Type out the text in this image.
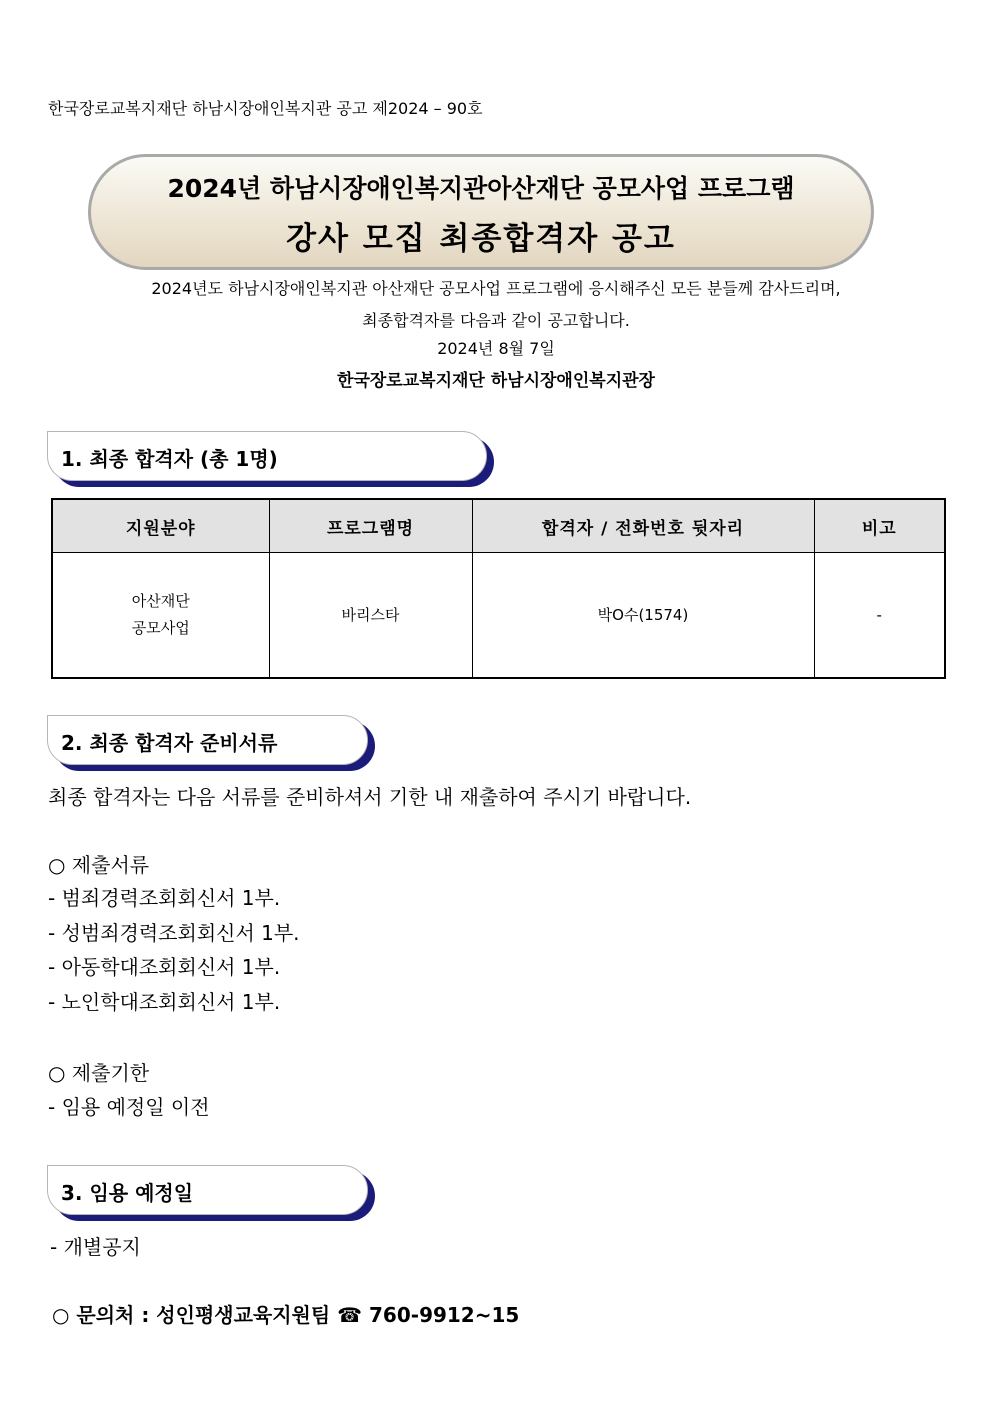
한국장로교복지재단 하남시장애인복지관 공고 제2024 – 90호
2024년 하남시장애인복지관아산재단 공모사업 프로그램
강사 모집 최종합격자 공고
2024년도 하남시장애인복지관 아산재단 공모사업 프로그램에 응시해주신 모든 분들께 감사드리며,
최종합격자를 다음과 같이 공고합니다.
2024년 8월 7일
한국장로교복지재단 하남시장애인복지관장
1. 최종 합격자 (총 1명)
지원분야	프로그램명	합격자 / 전화번호 뒷자리	비고

아산재단
공모사업	바리스타	박O수(1574)	-
2. 최종 합격자 준비서류
최종 합격자는 다음 서류를 준비하셔서 기한 내 재출하여 주시기 바랍니다.
○ 제출서류
- 범죄경력조회회신서 1부.
- 성범죄경력조회회신서 1부.
- 아동학대조회회신서 1부.
- 노인학대조회회신서 1부.
○ 제출기한
- 임용 예정일 이전
3. 임용 예정일
- 개별공지
○ 문의처 : 성인평생교육지원팀 ☎ 760-9912~15
